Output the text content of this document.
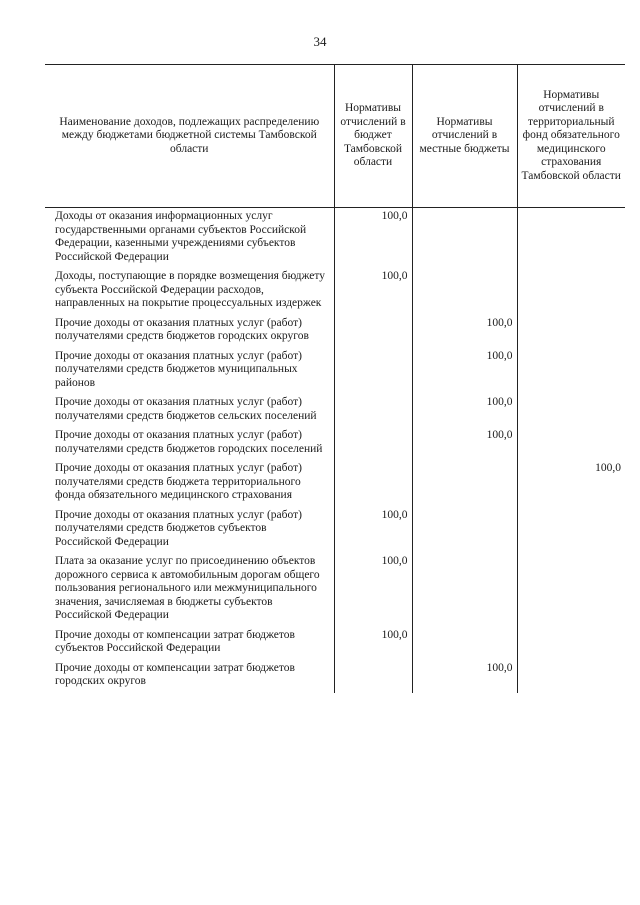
34
Наименование доходов, подлежащих распределению между бюджетами бюджетной системы Тамбовской области	Нормативы отчислений в бюджет Тамбовской области	Нормативы отчислений в местные бюджеты	Нормативы отчислений в территориальный фонд обязательного медицинского страхования Тамбовской области
Доходы от оказания информационных услуг государственными органами субъектов Российской Федерации, казенными учреждениями субъектов Российской Федерации	100,0		
Доходы, поступающие в порядке возмещения бюджету субъекта Российской Федерации расходов, направленных на покрытие процессуальных издержек	100,0		
Прочие доходы от оказания платных услуг (работ) получателями средств бюджетов городских округов		100,0	
Прочие доходы от оказания платных услуг (работ) получателями средств бюджетов муниципальных районов		100,0	
Прочие доходы от оказания платных услуг (работ) получателями средств бюджетов сельских поселений		100,0	
Прочие доходы от оказания платных услуг (работ) получателями средств бюджетов городских поселений		100,0	
Прочие доходы от оказания платных услуг (работ) получателями средств бюджета территориального фонда обязательного медицинского страхования			100,0
Прочие доходы от оказания платных услуг (работ) получателями средств бюджетов субъектов Российской Федерации	100,0		
Плата за оказание услуг по присоединению объектов дорожного сервиса к автомобильным дорогам общего пользования регионального или межмуниципального значения, зачисляемая в бюджеты субъектов Российской Федерации	100,0		
Прочие доходы от компенсации затрат бюджетов субъектов Российской Федерации	100,0		
Прочие доходы от компенсации затрат бюджетов городских округов		100,0	
